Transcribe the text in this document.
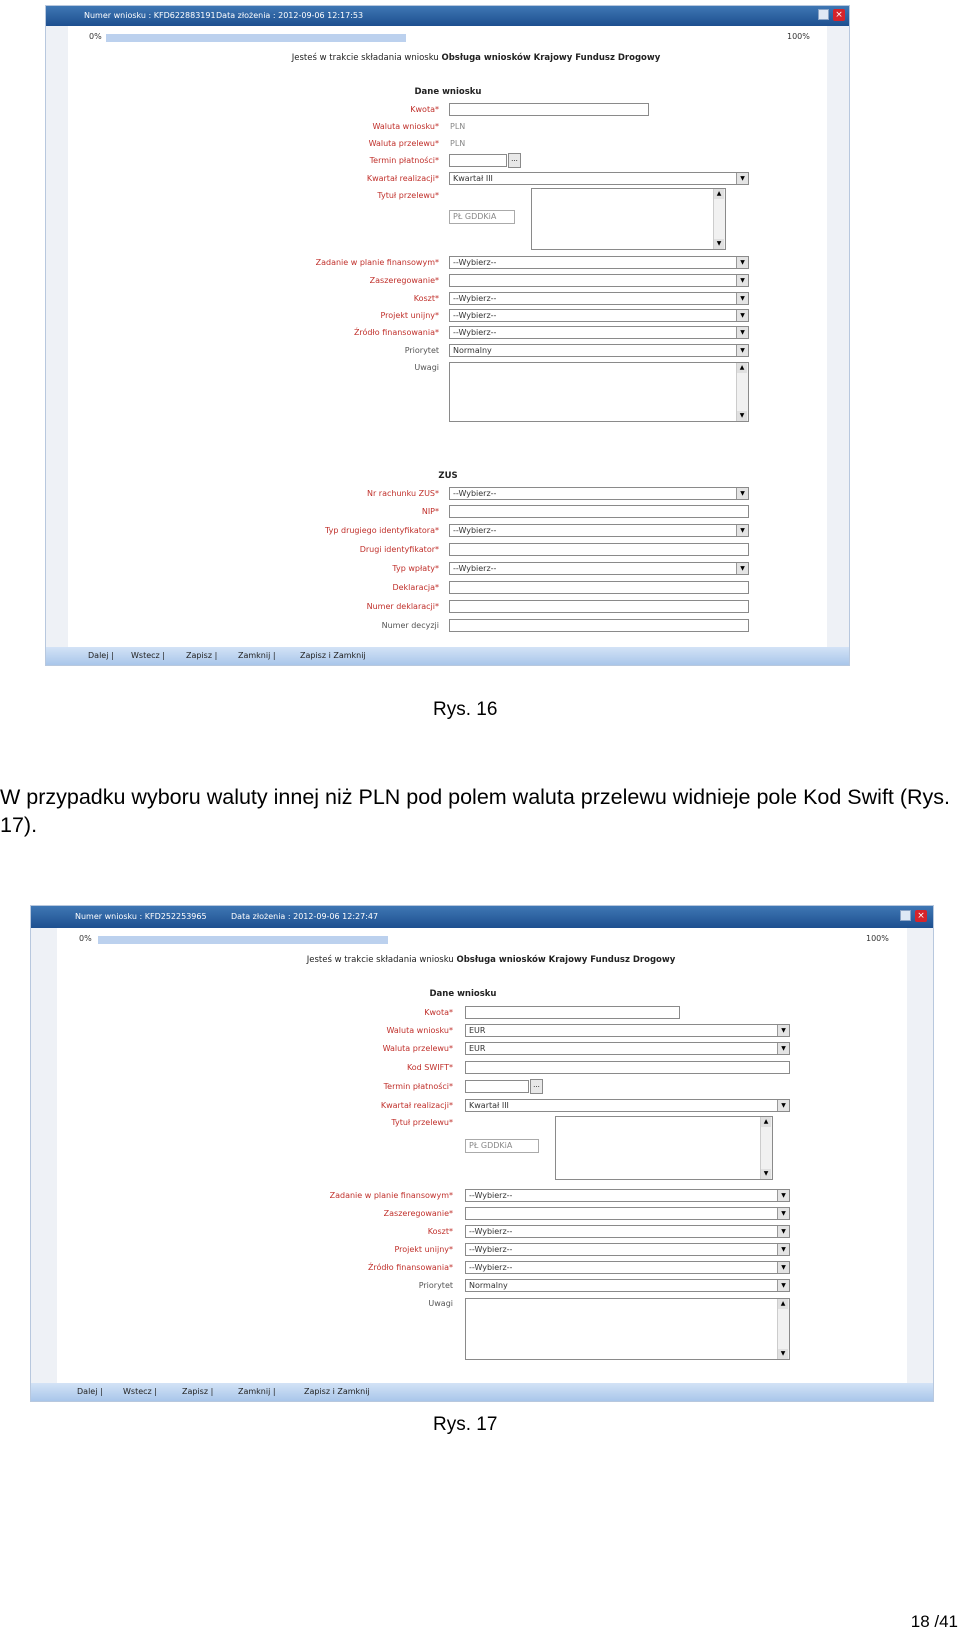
Numer wniosku : KFD622883191 Data złożenia : 2012-09-06 12:17:53	×
0%	100%
Jesteś w trakcie składania wniosku Obsługa wniosków Krajowy Fundusz Drogowy
Dane wniosku
Kwota*
Waluta wniosku* PLN
Waluta przelewu* PLN
Termin płatności*	...
Kwartał realizacji*	Kwartał III	▼
Tytuł przelewu*
PŁ GDDKiA
▲
▼
Zadanie w planie finansowym*	--Wybierz--	▼
Zaszeregowanie*	▼
Koszt*	--Wybierz--	▼
Projekt unijny*	--Wybierz--	▼
Źródło finansowania*	--Wybierz--	▼
Priorytet	Normalny	▼
Uwagi	▲
▼
ZUS
Nr rachunku ZUS*	--Wybierz--	▼
NIP*
Typ drugiego identyfikatora*	--Wybierz--	▼
Drugi identyfikator*
Typ wpłaty*	--Wybierz--	▼
Deklaracja*
Numer deklaracji*
Numer decyzji
Dalej | Wstecz |	Zapisz |	Zamknij |	Zapisz i Zamknij
Rys. 16
W przypadku wyboru waluty innej niż PLN pod polem waluta przelewu widnieje pole Kod Swift (Rys. 17).
Numer wniosku : KFD252253965	Data złożenia : 2012-09-06 12:27:47	×
0%	100%
Jesteś w trakcie składania wniosku Obsługa wniosków Krajowy Fundusz Drogowy
Dane wniosku
Kwota*
Waluta wniosku*	EUR	▼
Waluta przelewu*	EUR	▼
Kod SWIFT*
Termin płatności*	...
Kwartał realizacji*	Kwartał III	▼
Tytuł przelewu*
PŁ GDDKiA
▲
▼
Zadanie w planie finansowym*	--Wybierz--	▼
Zaszeregowanie*	▼
Koszt*	--Wybierz--	▼
Projekt unijny*	--Wybierz--	▼
Źródło finansowania*	--Wybierz--	▼
Priorytet	Normalny	▼
Uwagi	▲
▼
Dalej |	Wstecz |	Zapisz |	Zamknij |	Zapisz i Zamknij
Rys. 17
18 /41
